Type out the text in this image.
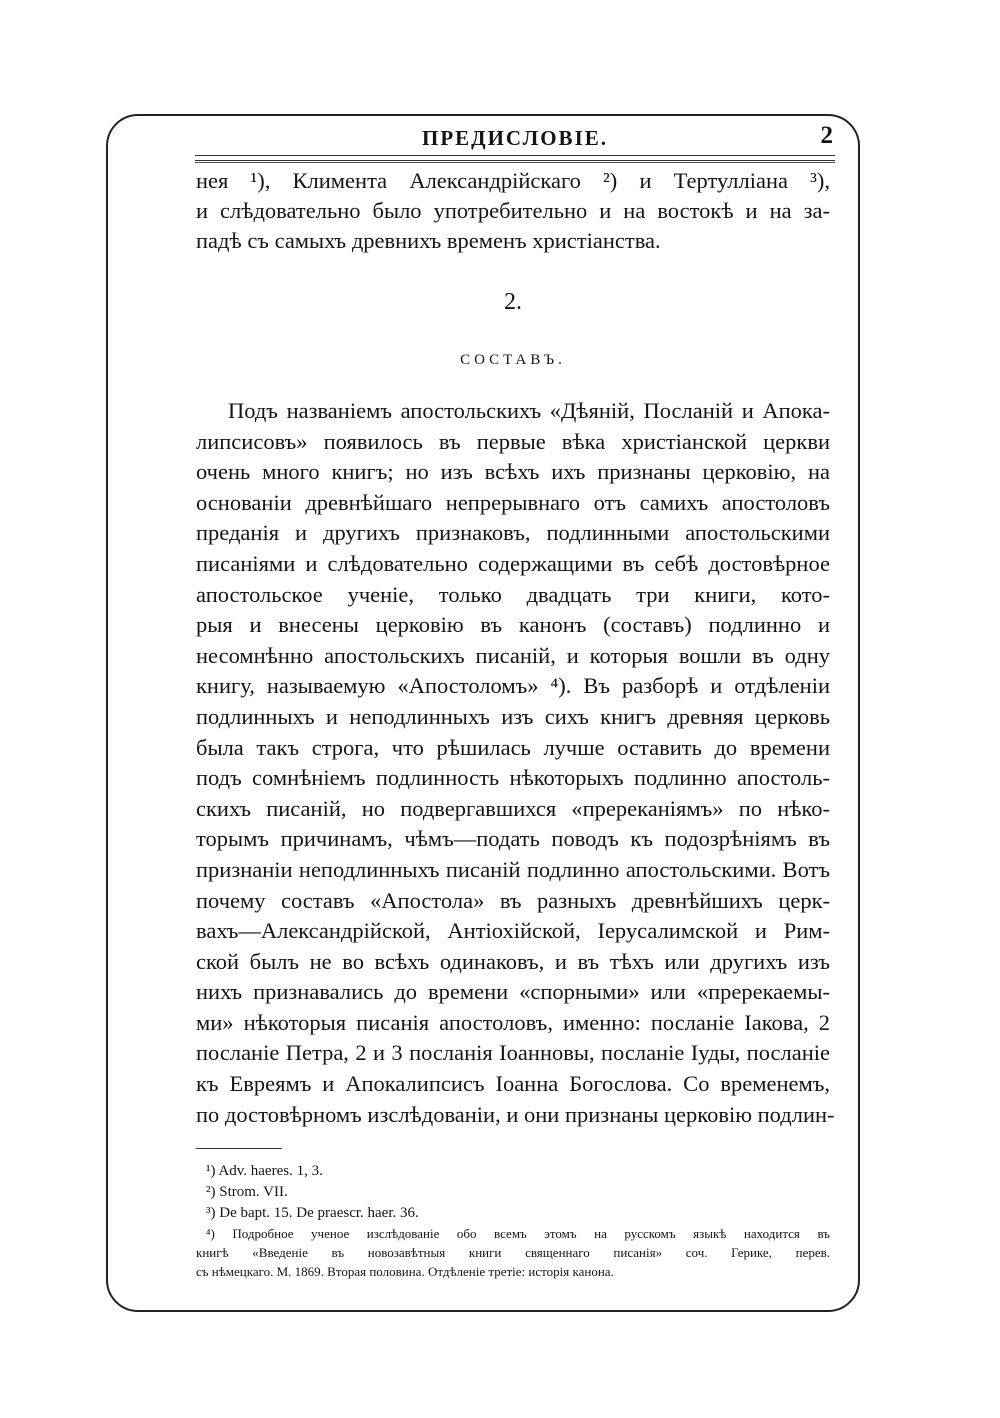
ПРЕДИСЛОВІЕ.	2
нея ¹), Климента Александрійскаго ²) и Тертулліана ³),
и слѣдовательно было употребительно и на востокѣ и на за-
падѣ съ самыхъ древнихъ временъ христіанства.
2.
СОСТАВЪ.
Подъ названіемъ апостольскихъ «Дѣяній, Посланій и Апока-
липсисовъ» появилось въ первые вѣка христіанской церкви
очень много книгъ; но изъ всѣхъ ихъ признаны церковію, на
основаніи древнѣйшаго непрерывнаго отъ самихъ апостоловъ
преданія и другихъ признаковъ, подлинными апостольскими
писаніями и слѣдовательно содержащими въ себѣ достовѣрное
апостольское ученіе, только двадцать три книги, кото-
рыя и внесены церковію въ канонъ (составъ) подлинно и
несомнѣнно апостольскихъ писаній, и которыя вошли въ одну
книгу, называемую «Апостоломъ» ⁴). Въ разборѣ и отдѣленіи
подлинныхъ и неподлинныхъ изъ сихъ книгъ древняя церковь
была такъ строга, что рѣшилась лучше оставить до времени
подъ сомнѣніемъ подлинность нѣкоторыхъ подлинно апостоль-
скихъ писаній, но подвергавшихся «пререканіямъ» по нѣко-
торымъ причинамъ, чѣмъ—подать поводъ къ подозрѣніямъ въ
признаніи неподлинныхъ писаній подлинно апостольскими. Вотъ
почему составъ «Апостола» въ разныхъ древнѣйшихъ церк-
вахъ—Александрійской, Антіохійской, Іерусалимской и Рим-
ской былъ не во всѣхъ одинаковъ, и въ тѣхъ или другихъ изъ
нихъ признавались до времени «спорными» или «пререкаемы-
ми» нѣкоторыя писанія апостоловъ, именно: посланіе Іакова, 2
посланіе Петра, 2 и 3 посланія Іоанновы, посланіе Іуды, посланіе
къ Евреямъ и Апокалипсисъ Іоанна Богослова. Со временемъ,
по достовѣрномъ изслѣдованіи, и они признаны церковію подлин-
¹) Adv. haeres. 1, 3.
²) Strom. VII.
³) De bapt. 15. De praescr. haer. 36.
⁴) Подробное ученое изслѣдованіе обо всемъ этомъ на русскомъ языкѣ находится въ
книгѣ «Введеніе въ новозавѣтныя книги священнаго писанія» соч. Герике, перев.
съ нѣмецкаго. М. 1869. Вторая половина. Отдѣленіе третіе: исторія канона.
